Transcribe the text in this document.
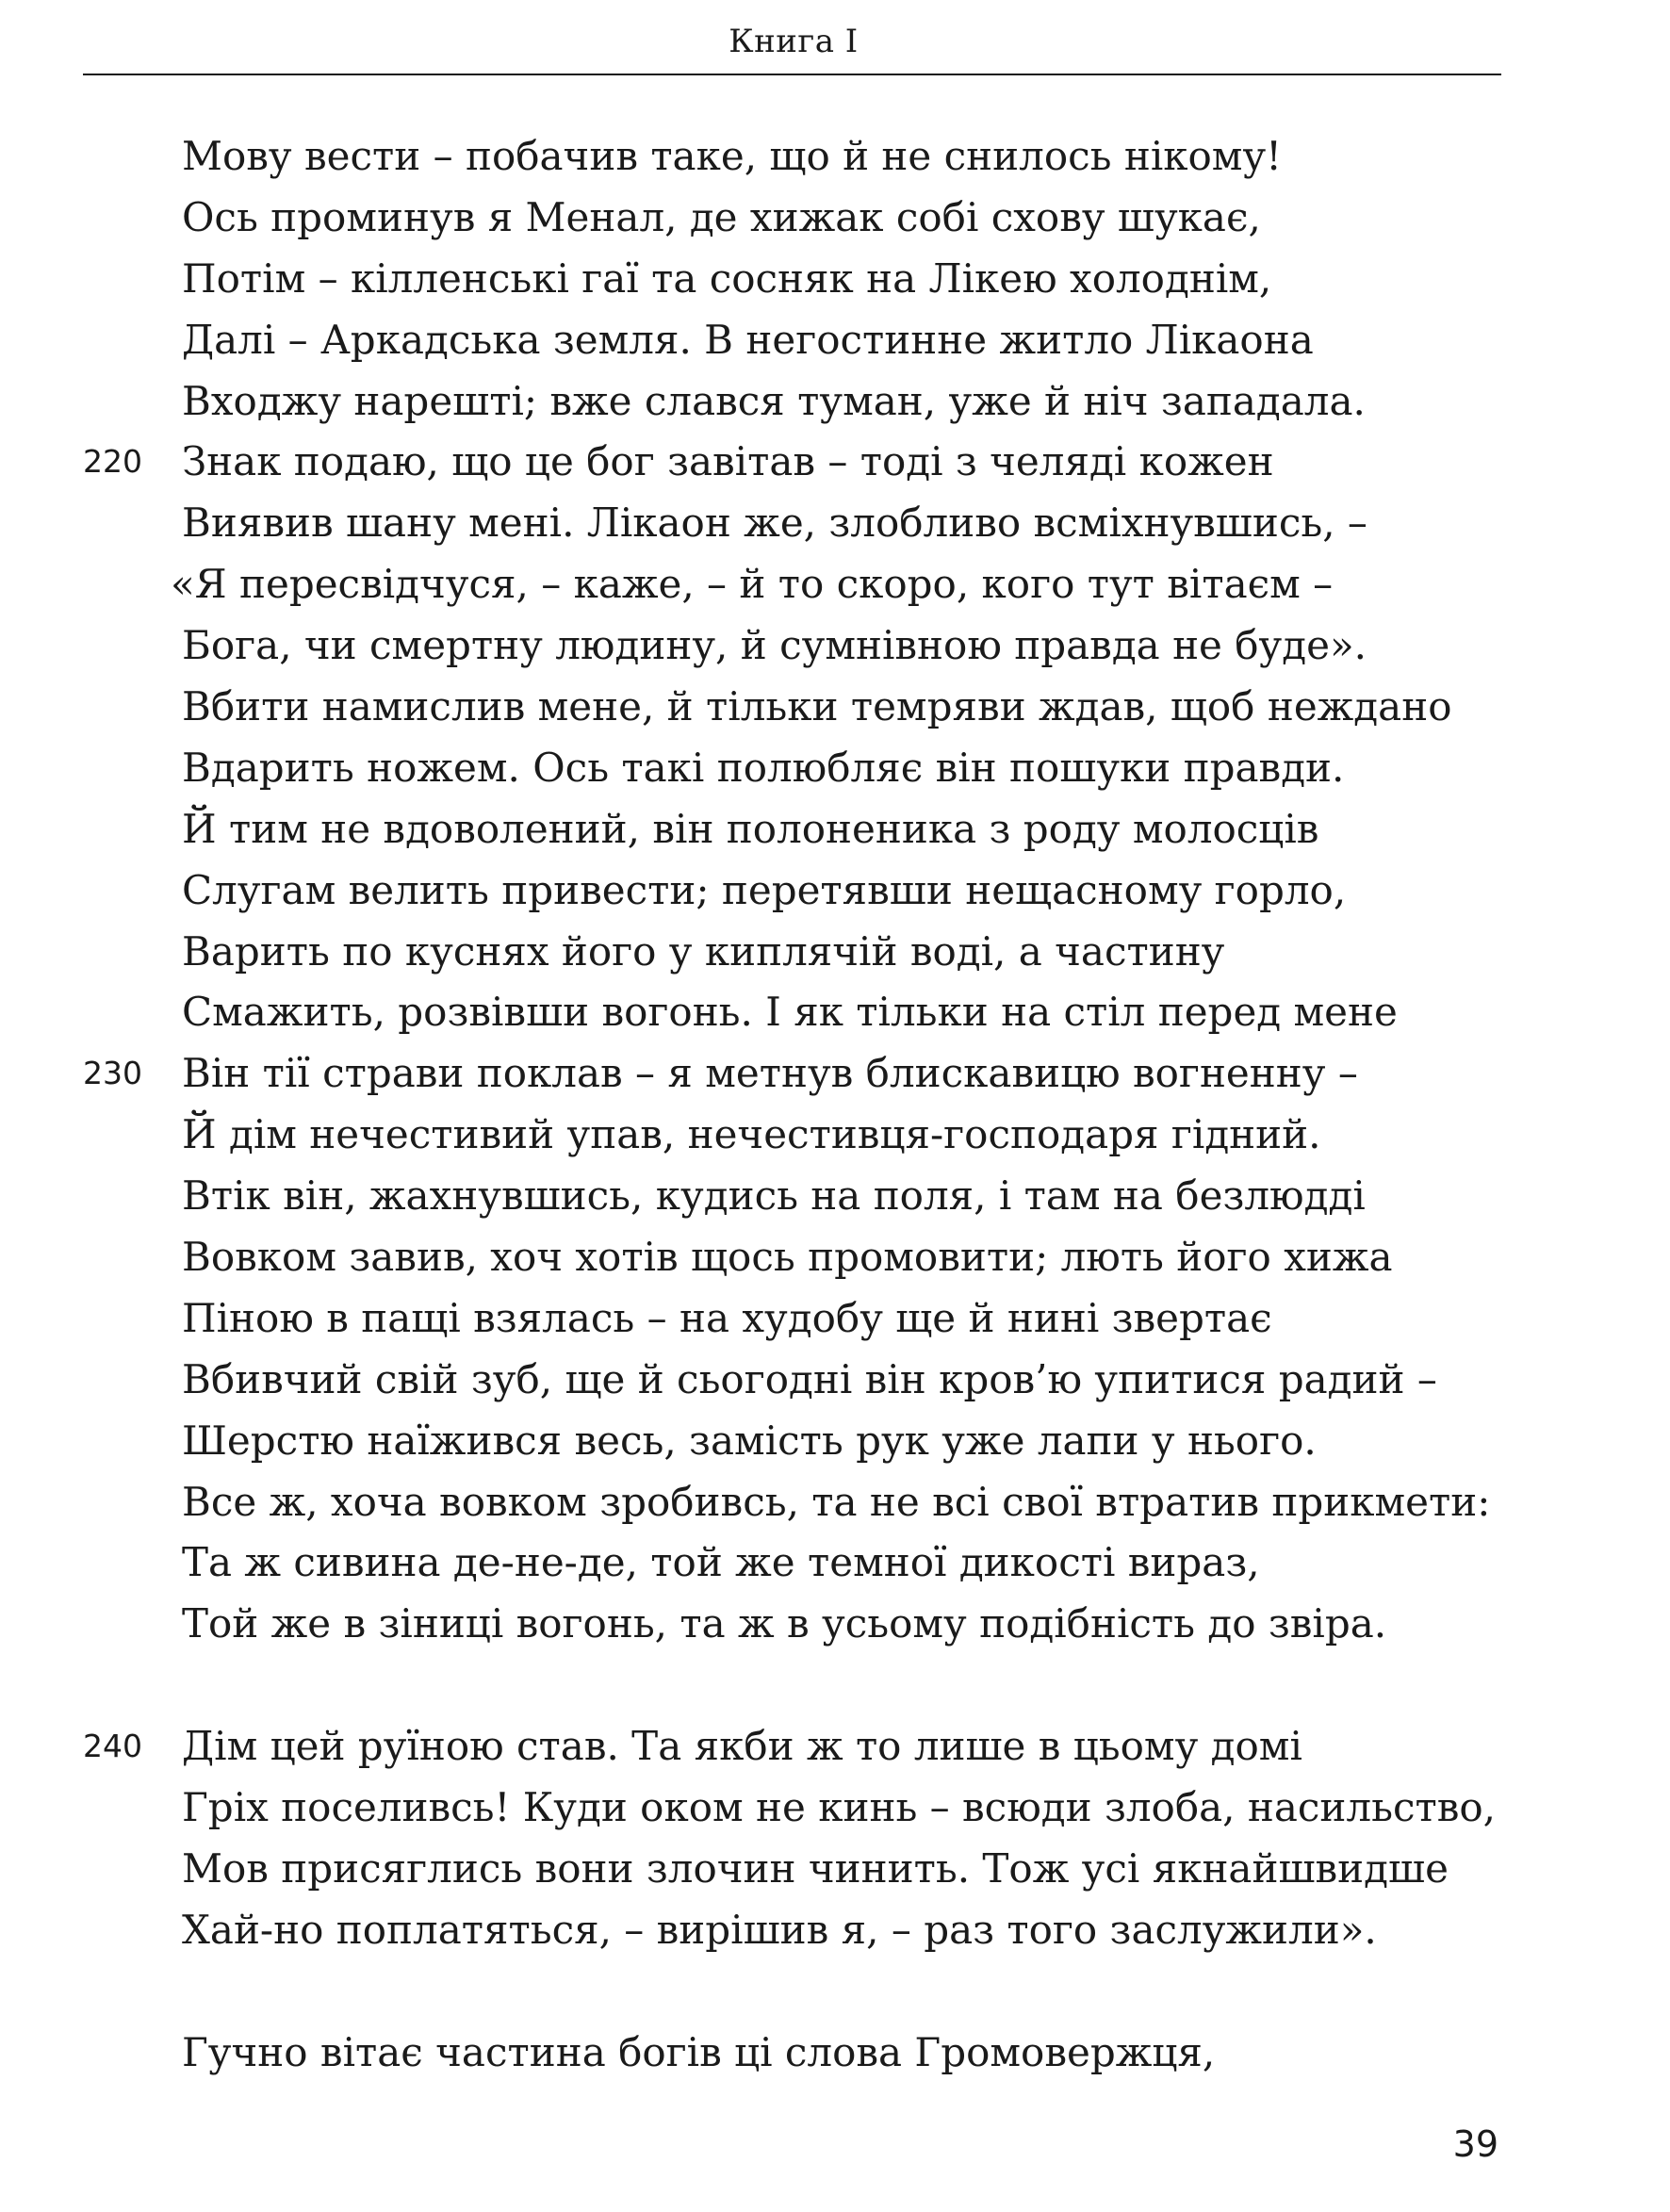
Книга I
Мову вести – побачив таке, що й не снилось нікому!
Ось проминув я Менал, де хижак собі схову шукає,
Потім – кілленські гаї та сосняк на Лікею холоднім,
Далі – Аркадська земля. В негостинне житло Лікаона
Входжу нарешті; вже слався туман, уже й ніч западала.
220	Знак подаю, що це бог завітав – тоді з челяді кожен
Виявив шану мені. Лікаон же, злобливо всміхнувшись, –
«Я пересвідчуся, – каже, – й то скоро, кого тут вітаєм –
Бога, чи смертну людину, й сумнівною правда не буде».
Вбити намислив мене, й тільки темряви ждав, щоб неждано
Вдарить ножем. Ось такі полюбляє він пошуки правди.
Й тим не вдоволений, він полоненика з роду молосців
Слугам велить привести; перетявши нещасному горло,
Варить по куснях його у киплячій воді, а частину
Смажить, розвівши вогонь. І як тільки на стіл перед мене
230	Він тії страви поклав – я метнув блискавицю вогненну –
Й дім нечестивий упав, нечестивця-господаря гідний.
Втік він, жахнувшись, кудись на поля, і там на безлюдді
Вовком завив, хоч хотів щось промовити; лють його хижа
Піною в пащі взялась – на худобу ще й нині звертає
Вбивчий свій зуб, ще й сьогодні він кров’ю упитися радий –
Шерстю наїжився весь, замість рук уже лапи у нього.
Все ж, хоча вовком зробивсь, та не всі свої втратив прикмети:
Та ж сивина де-не-де, той же темної дикості вираз,
Той же в зіниці вогонь, та ж в усьому подібність до звіра.
240	Дім цей руїною став. Та якби ж то лише в цьому домі
Гріх поселивсь! Куди оком не кинь – всюди злоба, насильство,
Мов присяглись вони злочин чинить. Тож усі якнайшвидше
Хай-но поплатяться, – вирішив я, – раз того заслужили».
Гучно вітає частина богів ці слова Громовержця,
39
